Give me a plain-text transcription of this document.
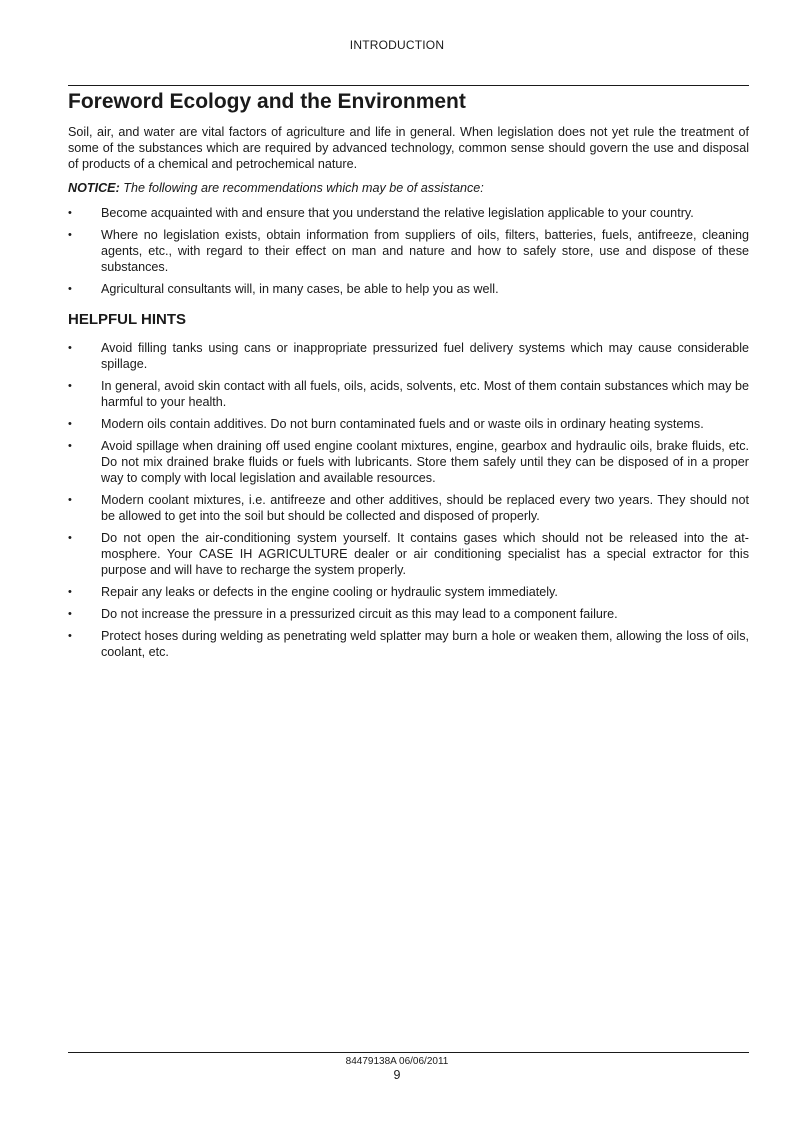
INTRODUCTION
Foreword Ecology and the Environment

Soil, air, and water are vital factors of agriculture and life in general. When legislation does not yet rule the treatment of some of the substances which are required by advanced technology, common sense should govern the use and disposal of products of a chemical and petrochemical nature.

NOTICE: The following are recommendations which may be of assistance:

• Become acquainted with and ensure that you understand the relative legislation applicable to your country.
• Where no legislation exists, obtain information from suppliers of oils, filters, batteries, fuels, antifreeze, cleaning agents, etc., with regard to their effect on man and nature and how to safely store, use and dispose of these substances.
• Agricultural consultants will, in many cases, be able to help you as well.
HELPFUL HINTS
• Avoid filling tanks using cans or inappropriate pressurized fuel delivery systems which may cause considerable spillage.
• In general, avoid skin contact with all fuels, oils, acids, solvents, etc. Most of them contain substances which may be harmful to your health.
• Modern oils contain additives. Do not burn contaminated fuels and or waste oils in ordinary heating systems.
• Avoid spillage when draining off used engine coolant mixtures, engine, gearbox and hydraulic oils, brake fluids, etc. Do not mix drained brake fluids or fuels with lubricants. Store them safely until they can be disposed of in a proper way to comply with local legislation and available resources.
• Modern coolant mixtures, i.e. antifreeze and other additives, should be replaced every two years. They should not be allowed to get into the soil but should be collected and disposed of properly.
• Do not open the air-conditioning system yourself. It contains gases which should not be released into the at-mosphere. Your CASE IH AGRICULTURE dealer or air conditioning specialist has a special extractor for this purpose and will have to recharge the system properly.
• Repair any leaks or defects in the engine cooling or hydraulic system immediately.
• Do not increase the pressure in a pressurized circuit as this may lead to a component failure.
• Protect hoses during welding as penetrating weld splatter may burn a hole or weaken them, allowing the loss of oils, coolant, etc.
84479138A 06/06/2011
9
